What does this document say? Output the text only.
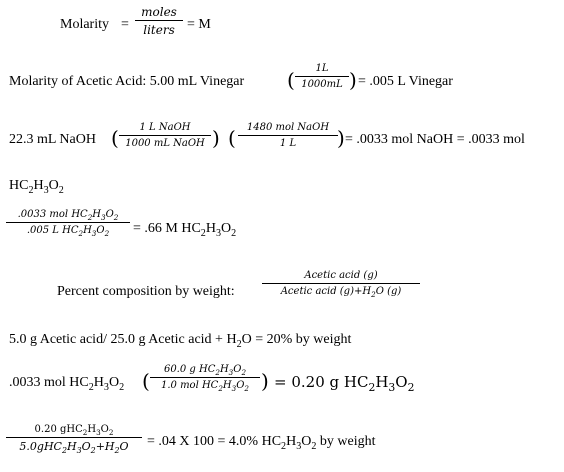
Molarity =
moles
liters = M
Molarity of Acetic Acid: 5.00 mL Vinegar (	1L
1000mL ) = .005 L Vinegar
22.3 mL NaOH (	1 L NaOH
1000 mL NaOH ) (	1480 mol NaOH
1 L	) = .0033 mol NaOH = .0033 mol
$HC_2H_3O_2$
.0033 mol $HC_2H_3O_2$
.005 L $HC_2H_3O_2$	= .66 M $HC_2H_3O_2$
Percent composition by weight:
Acetic acid (g)
Acetic acid $(g)+H_2O$ (g)
5.0 g Acetic acid/ 25.0 g Acetic acid + $H_2O = 20\%$ by weight
.0033 mol $HC_2H_3O_2$ (	60.0 g $HC_2H_3O_2$
1.0 mol $HC_2H_3O_2$ ) = 0.20 g $HC_2H_3O_2$
0.20 $gHC_2H_3O_2$
$5.0gHC_2H_3O_2+H_2O$	= .04 X 100 = 4.0% $HC_2H_3O_2$ by weight
